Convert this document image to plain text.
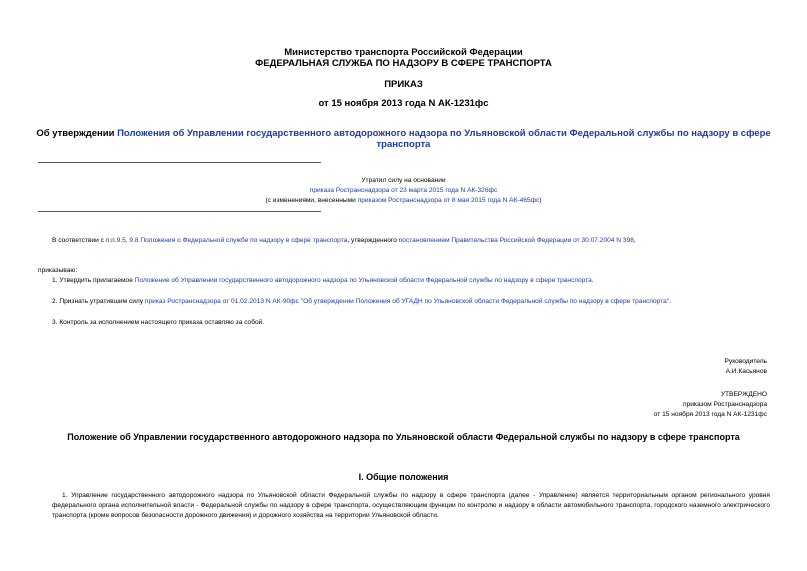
Министерство транспорта Российской Федерации
ФЕДЕРАЛЬНАЯ СЛУЖБА ПО НАДЗОРУ В СФЕРЕ ТРАНСПОРТА
ПРИКАЗ
от 15 ноября 2013 года N АК-1231фс
Об утверждении Положения об Управлении государственного автодорожного надзора по Ульяновской области Федеральной службы по надзору в сфере
транспорта
Утратил силу на основании
приказа Ространснадзора от 23 марта 2015 года N АК-326фс
(с изменениями, внесенными приказом Ространснадзора от 8 мая 2015 года N АК-465фс)
В соответствии с п.п.9.5, 9.8 Положения о Федеральной службе по надзору в сфере транспорта, утвержденного постановлением Правительства Российской Федерации от 30.07.2004 N 398,
приказываю:
1. Утвердить прилагаемое Положение об Управлении государственного автодорожного надзора по Ульяновской области Федеральной службы по надзору в сфере транспорта.
2. Признать утратившим силу приказ Ространснадзора от 01.02.2013 N АК-90фс "Об утверждении Положения об УГАДН по Ульяновской области Федеральной службы по надзору в сфере транспорта".
3. Контроль за исполнением настоящего приказа оставляю за собой.
Руководитель
А.И.Касьянов
УТВЕРЖДЕНО
приказом Ространснадзора
от 15 ноября 2013 года N АК-1231фс
Положение об Управлении государственного автодорожного надзора по Ульяновской области Федеральной службы по надзору в сфере транспорта
I. Общие положения
1. Управление государственного автодорожного надзора по Ульяновской области Федеральной службы по надзору в сфере транспорта (далее - Управление) является территориальным органом регионального уровня федерального органа исполнительной власти - Федеральной службы по надзору в сфере транспорта, осуществляющим функции по контролю и надзору в области автомобильного транспорта, городского наземного электрического транспорта (кроме вопросов безопасности дорожного движения) и дорожного хозяйства на территории Ульяновской области.
